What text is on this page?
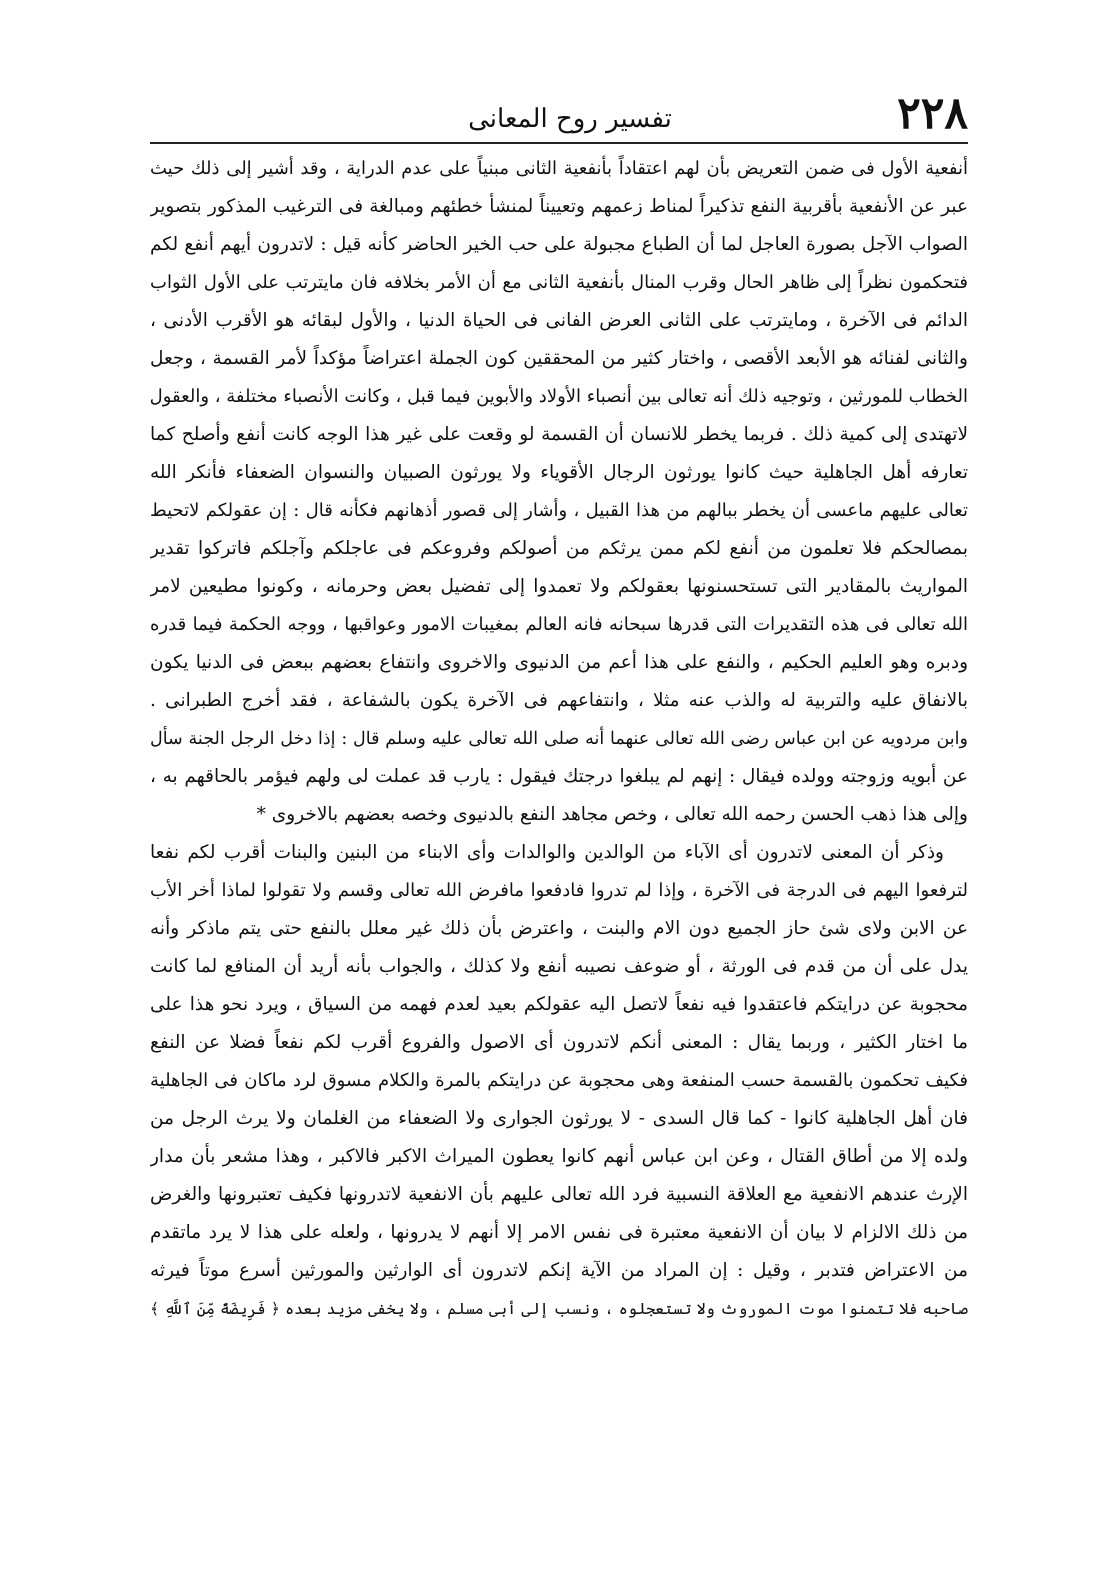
٢٢٨
تفسير روح المعانى
أنفعية الأول فى ضمن التعريض بأن لهم اعتقاداً بأنفعية الثانى مبنياً على عدم الدراية ، وقد أشير إلى ذلك حيث
عبر عن الأنفعية بأقربية النفع تذكيراً لمناط زعمهم وتعييناً لمنشأ خطئهم ومبالغة فى الترغيب المذكور بتصوير
الصواب الآجل بصورة العاجل لما أن الطباع مجبولة على حب الخير الحاضر كأنه قيل : لاتدرون أيهم أنفع لكم
فتحكمون نظراً إلى ظاهر الحال وقرب المنال بأنفعية الثانى مع أن الأمر بخلافه فان مايترتب على الأول الثواب
الدائم فى الآخرة ، ومايترتب على الثانى العرض الفانى فى الحياة الدنيا ، والأول لبقائه هو الأقرب الأدنى ،
والثانى لفنائه هو الأبعد الأقصى ، واختار كثير من المحققين كون الجملة اعتراضاً مؤكداً لأمر القسمة ، وجعل
الخطاب للمورثين ، وتوجيه ذلك أنه تعالى بين أنصباء الأولاد والأبوين فيما قبل ، وكانت الأنصباء مختلفة ، والعقول
لاتهتدى إلى كمية ذلك . فربما يخطر للانسان أن القسمة لو وقعت على غير هذا الوجه كانت أنفع وأصلح كما
تعارفه أهل الجاهلية حيث كانوا يورثون الرجال الأقوياء ولا يورثون الصبيان والنسوان الضعفاء فأنكر الله
تعالى عليهم ماعسى أن يخطر ببالهم من هذا القبيل ، وأشار إلى قصور أذهانهم فكأنه قال : إن عقولكم لاتحيط
بمصالحكم فلا تعلمون من أنفع لكم ممن يرثكم من أصولكم وفروعكم فى عاجلكم وآجلكم فاتركوا تقدير
المواريث بالمقادير التى تستحسنونها بعقولكم ولا تعمدوا إلى تفضيل بعض وحرمانه ، وكونوا مطيعين لامر
الله تعالى فى هذه التقديرات التى قدرها سبحانه فانه العالم بمغيبات الامور وعواقبها ، ووجه الحكمة فيما قدره
ودبره وهو العليم الحكيم ، والنفع على هذا أعم من الدنيوى والاخروى وانتفاع بعضهم ببعض فى الدنيا يكون
بالانفاق عليه والتربية له والذب عنه مثلا ، وانتفاعهم فى الآخرة يكون بالشفاعة ، فقد أخرج الطبرانى .
وابن مردويه عن ابن عباس رضى الله تعالى عنهما أنه صلى الله تعالى عليه وسلم قال : إذا دخل الرجل الجنة سأل
عن أبويه وزوجته وولده فيقال : إنهم لم يبلغوا درجتك فيقول : يارب قد عملت لى ولهم فيؤمر بالحاقهم به ،
وإلى هذا ذهب الحسن رحمه الله تعالى ، وخص مجاهد النفع بالدنيوى وخصه بعضهم بالاخروى *
وذكر أن المعنى لاتدرون أى الآباء من الوالدين والوالدات وأى الابناء من البنين والبنات أقرب لكم نفعا
لترفعوا اليهم فى الدرجة فى الآخرة ، وإذا لم تدروا فادفعوا مافرض الله تعالى وقسم ولا تقولوا لماذا أخر الأب
عن الابن ولاى شئ حاز الجميع دون الام والبنت ، واعترض بأن ذلك غير معلل بالنفع حتى يتم ماذكر وأنه
يدل على أن من قدم فى الورثة ، أو ضوعف نصيبه أنفع ولا كذلك ، والجواب بأنه أريد أن المنافع لما كانت
محجوبة عن درايتكم فاعتقدوا فيه نفعاً لاتصل اليه عقولكم بعيد لعدم فهمه من السياق ، ويرد نحو هذا على
ما اختار الكثير ، وربما يقال : المعنى أنكم لاتدرون أى الاصول والفروع أقرب لكم نفعاً فضلا عن النفع
فكيف تحكمون بالقسمة حسب المنفعة وهى محجوبة عن درايتكم بالمرة والكلام مسوق لرد ماكان فى الجاهلية
فان أهل الجاهلية كانوا - كما قال السدى - لا يورثون الجوارى ولا الضعفاء من الغلمان ولا يرث الرجل من
ولده إلا من أطاق القتال ، وعن ابن عباس أنهم كانوا يعطون الميراث الاكبر فالاكبر ، وهذا مشعر بأن مدار
الإرث عندهم الانفعية مع العلاقة النسبية فرد الله تعالى عليهم بأن الانفعية لاتدرونها فكيف تعتبرونها والغرض
من ذلك الالزام لا بيان أن الانفعية معتبرة فى نفس الامر إلا أنهم لا يدرونها ، ولعله على هذا لا يرد ماتقدم
من الاعتراض فتدبر ، وقيل : إن المراد من الآية إنكم لاتدرون أى الوارثين والمورثين أسرع موتاً فيرثه
صاحبه فلا تتمنوا موت الموروث ولا تستعجلوه ، ونسب إلى أبى مسلم ، ولا يخفى مزيد بعده ﴿ فَرِيضَةً مِّنَ ٱللَّهِ ﴾
